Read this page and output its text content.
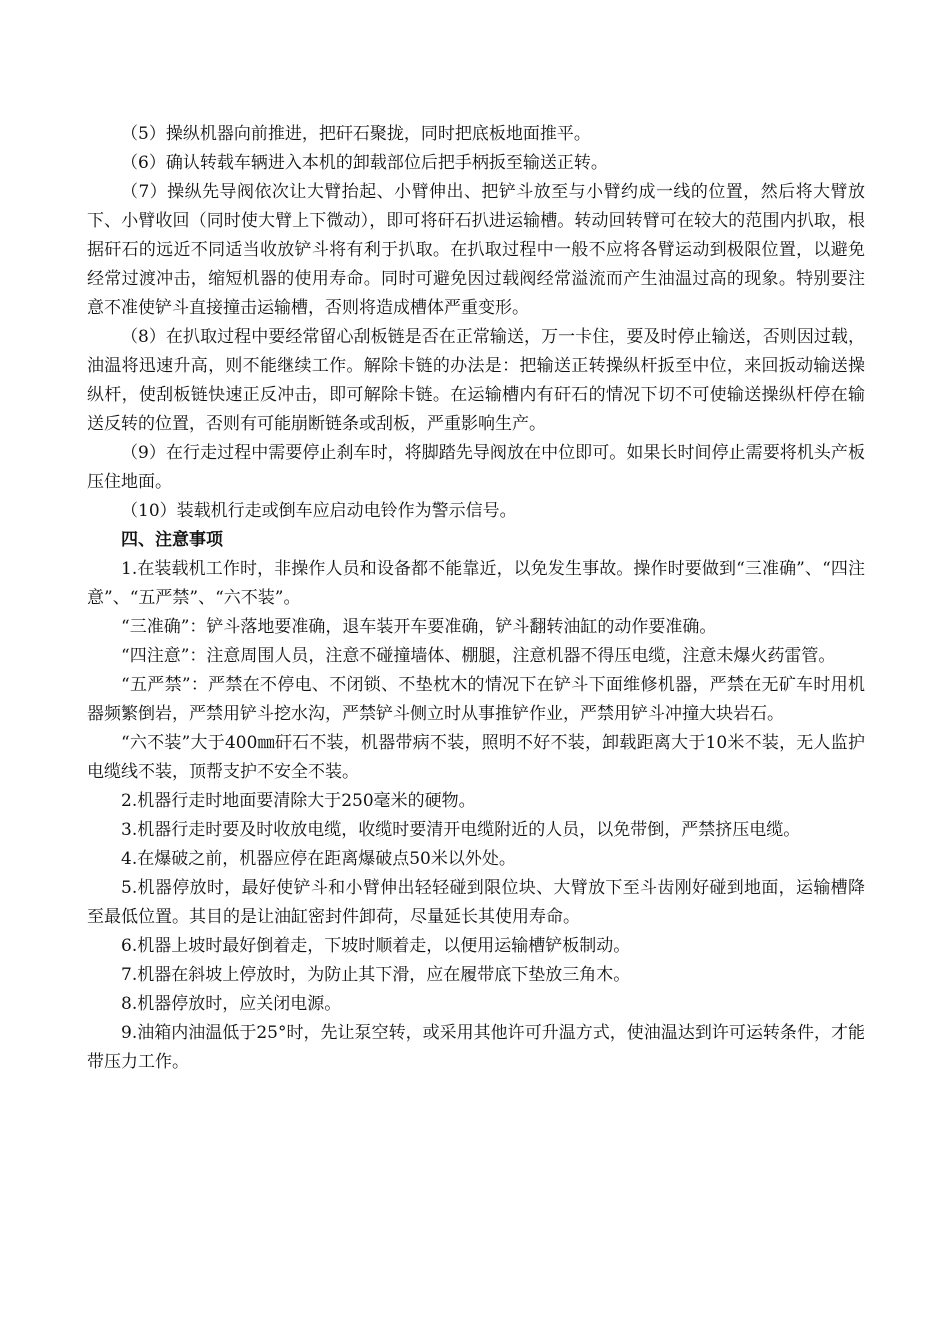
（5）操纵机器向前推进，把矸石聚拢，同时把底板地面推平。

（6）确认转载车辆进入本机的卸载部位后把手柄扳至输送正转。

（7）操纵先导阀依次让大臂抬起、小臂伸出、把铲斗放至与小臂约成一线的位置，然后将大臂放下、小臂收回（同时使大臂上下微动），即可将矸石扒进运输槽。转动回转臂可在较大的范围内扒取，根据矸石的远近不同适当收放铲斗将有利于扒取。在扒取过程中一般不应将各臂运动到极限位置，以避免经常过渡冲击，缩短机器的使用寿命。同时可避免因过载阀经常溢流而产生油温过高的现象。特别要注意不准使铲斗直接撞击运输槽，否则将造成槽体严重变形。

（8）在扒取过程中要经常留心刮板链是否在正常输送，万一卡住，要及时停止输送，否则因过载，油温将迅速升高，则不能继续工作。解除卡链的办法是：把输送正转操纵杆扳至中位，来回扳动输送操纵杆，使刮板链快速正反冲击，即可解除卡链。在运输槽内有矸石的情况下切不可使输送操纵杆停在输送反转的位置，否则有可能崩断链条或刮板，严重影响生产。

（9）在行走过程中需要停止刹车时，将脚踏先导阀放在中位即可。如果长时间停止需要将机头产板压住地面。

（10）装载机行走或倒车应启动电铃作为警示信号。

四、注意事项

1.在装载机工作时，非操作人员和设备都不能靠近，以免发生事故。操作时要做到“三准确”、“四注意”、“五严禁”、“六不装”。

“三准确”：铲斗落地要准确，退车装开车要准确，铲斗翻转油缸的动作要准确。

“四注意”：注意周围人员，注意不碰撞墙体、棚腿，注意机器不得压电缆，注意未爆火药雷管。

“五严禁”：严禁在不停电、不闭锁、不垫枕木的情况下在铲斗下面维修机器，严禁在无矿车时用机器频繁倒岩，严禁用铲斗挖水沟，严禁铲斗侧立时从事推铲作业，严禁用铲斗冲撞大块岩石。

“六不装”大于400㎜矸石不装，机器带病不装，照明不好不装，卸载距离大于10米不装，无人监护电缆线不装，顶帮支护不安全不装。

2.机器行走时地面要清除大于250毫米的硬物。

3.机器行走时要及时收放电缆，收缆时要清开电缆附近的人员，以免带倒，严禁挤压电缆。

4.在爆破之前，机器应停在距离爆破点50米以外处。

5.机器停放时，最好使铲斗和小臂伸出轻轻碰到限位块、大臂放下至斗齿刚好碰到地面，运输槽降至最低位置。其目的是让油缸密封件卸荷，尽量延长其使用寿命。

6.机器上坡时最好倒着走，下坡时顺着走，以便用运输槽铲板制动。

7.机器在斜坡上停放时，为防止其下滑，应在履带底下垫放三角木。

8.机器停放时，应关闭电源。

9.油箱内油温低于25°时，先让泵空转，或采用其他许可升温方式，使油温达到许可运转条件，才能带压力工作。
